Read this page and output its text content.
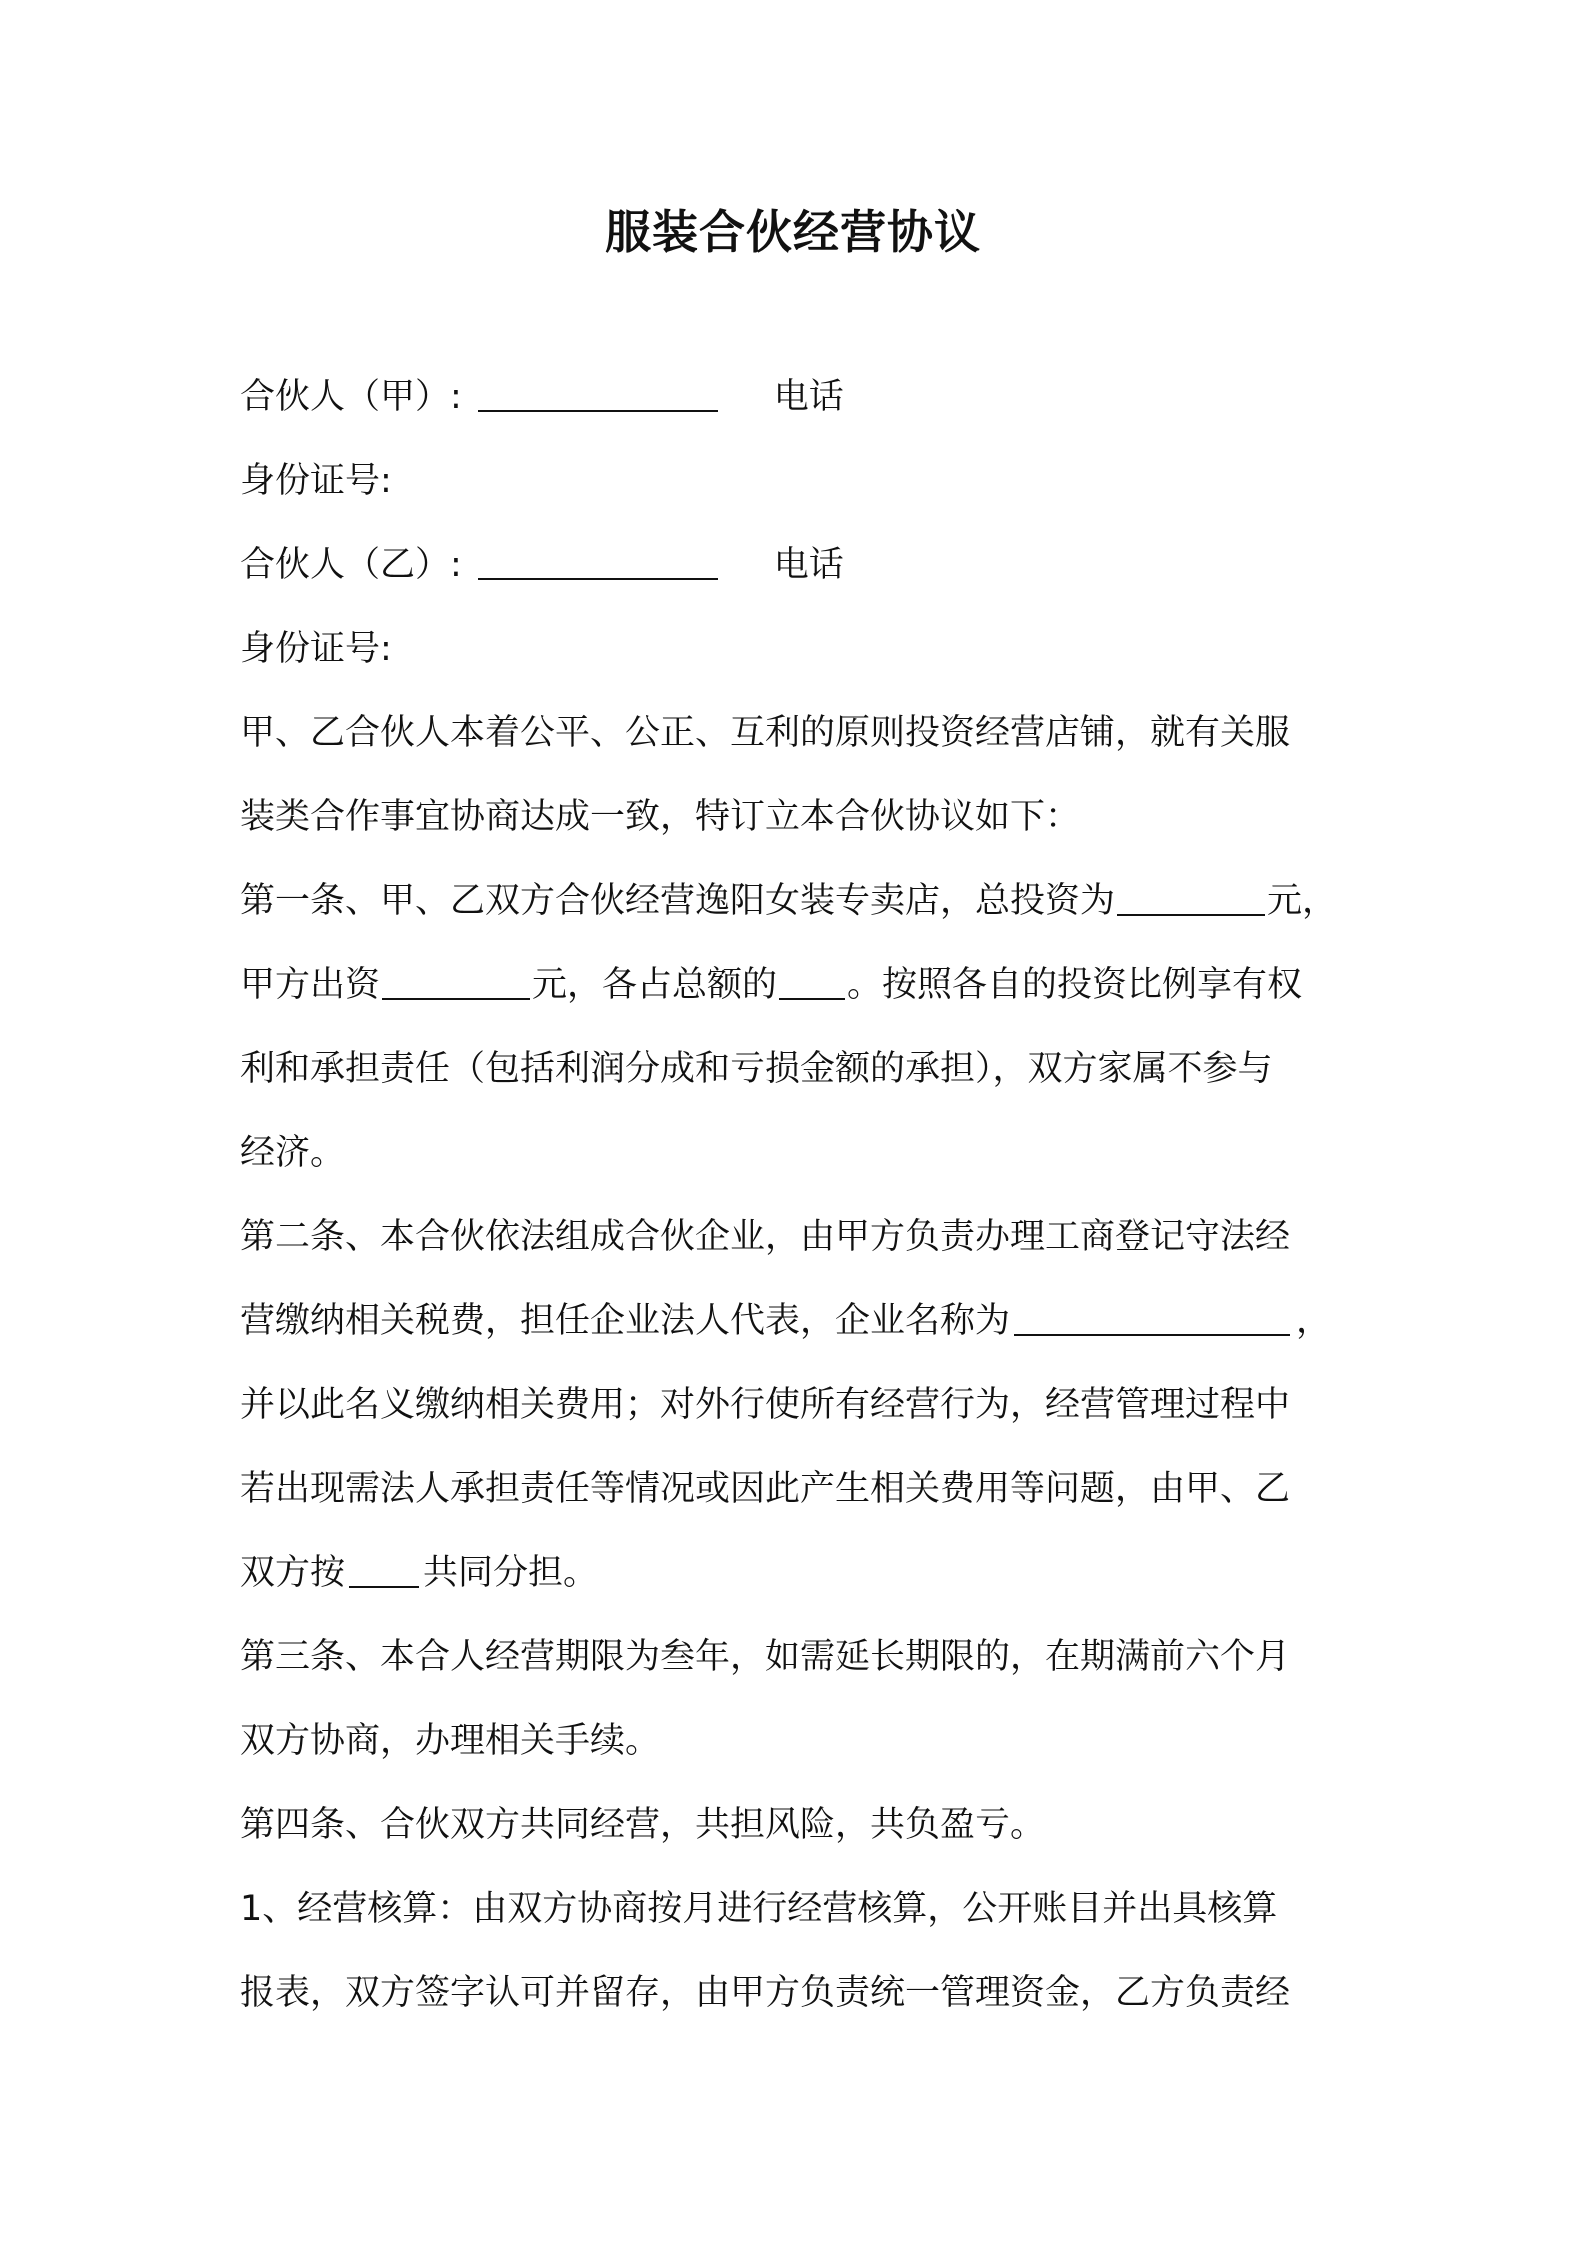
服装合伙经营协议
合伙人（甲）:	电话
身份证号:
合伙人（乙）:	电话
身份证号:
甲、乙合伙人本着公平、公正、互利的原则投资经营店铺，就有关服
装类合作事宜协商达成一致，特订立本合伙协议如下：
第一条、甲、乙双方合伙经营逸阳女装专卖店，总投资为	元，
甲方出资	元，各占总额的 。按照各自的投资比例享有权
利和承担责任（包括利润分成和亏损金额的承担），双方家属不参与
经济。
第二条、本合伙依法组成合伙企业，由甲方负责办理工商登记守法经
营缴纳相关税费，担任企业法人代表，企业名称为	，
并以此名义缴纳相关费用；对外行使所有经营行为，经营管理过程中
若出现需法人承担责任等情况或因此产生相关费用等问题，由甲、乙
双方按 共同分担。
第三条、本合人经营期限为叁年，如需延长期限的，在期满前六个月
双方协商，办理相关手续。
第四条、合伙双方共同经营，共担风险，共负盈亏。
1、经营核算：由双方协商按月进行经营核算，公开账目并出具核算
报表，双方签字认可并留存，由甲方负责统一管理资金，乙方负责经
